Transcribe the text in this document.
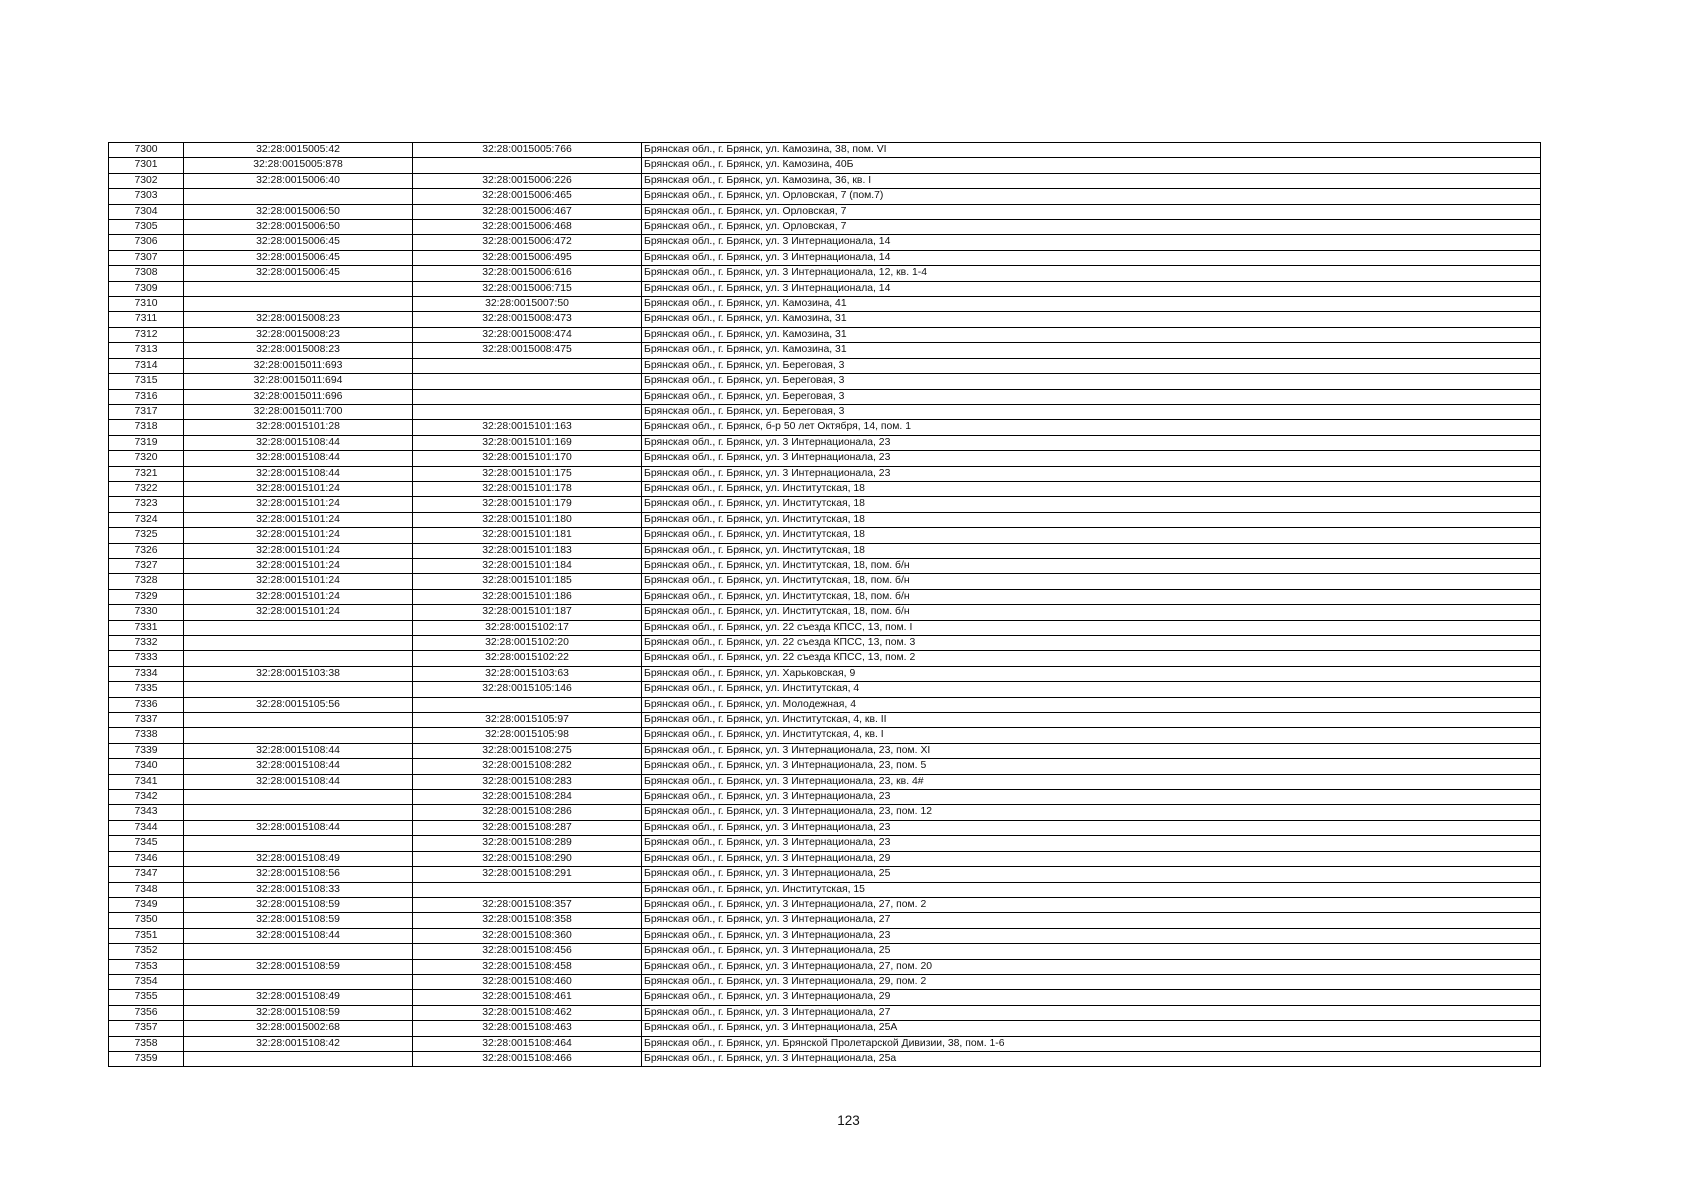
7300	32:28:0015005:42	32:28:0015005:766	Брянская обл., г. Брянск, ул. Камозина, 38, пом. VI
7301	32:28:0015005:878		Брянская обл., г. Брянск, ул. Камозина, 40Б
7302	32:28:0015006:40	32:28:0015006:226	Брянская обл., г. Брянск, ул. Камозина, 36, кв. I
7303		32:28:0015006:465	Брянская обл., г. Брянск, ул. Орловская, 7 (пом.7)
7304	32:28:0015006:50	32:28:0015006:467	Брянская обл., г. Брянск, ул. Орловская, 7
7305	32:28:0015006:50	32:28:0015006:468	Брянская обл., г. Брянск, ул. Орловская, 7
7306	32:28:0015006:45	32:28:0015006:472	Брянская обл., г. Брянск, ул. 3 Интернационала, 14
7307	32:28:0015006:45	32:28:0015006:495	Брянская обл., г. Брянск, ул. 3 Интернационала, 14
7308	32:28:0015006:45	32:28:0015006:616	Брянская обл., г. Брянск, ул. 3 Интернационала, 12, кв. 1-4
7309		32:28:0015006:715	Брянская обл., г. Брянск, ул. 3 Интернационала, 14
7310		32:28:0015007:50	Брянская обл., г. Брянск, ул. Камозина, 41
7311	32:28:0015008:23	32:28:0015008:473	Брянская обл., г. Брянск, ул. Камозина, 31
7312	32:28:0015008:23	32:28:0015008:474	Брянская обл., г. Брянск, ул. Камозина, 31
7313	32:28:0015008:23	32:28:0015008:475	Брянская обл., г. Брянск, ул. Камозина, 31
7314	32:28:0015011:693		Брянская обл., г. Брянск, ул. Береговая, 3
7315	32:28:0015011:694		Брянская обл., г. Брянск, ул. Береговая, 3
7316	32:28:0015011:696		Брянская обл., г. Брянск, ул. Береговая, 3
7317	32:28:0015011:700		Брянская обл., г. Брянск, ул. Береговая, 3
7318	32:28:0015101:28	32:28:0015101:163	Брянская обл., г. Брянск, б-р 50 лет Октября, 14, пом. 1
7319	32:28:0015108:44	32:28:0015101:169	Брянская обл., г. Брянск, ул. 3 Интернационала, 23
7320	32:28:0015108:44	32:28:0015101:170	Брянская обл., г. Брянск, ул. 3 Интернационала, 23
7321	32:28:0015108:44	32:28:0015101:175	Брянская обл., г. Брянск, ул. 3 Интернационала, 23
7322	32:28:0015101:24	32:28:0015101:178	Брянская обл., г. Брянск, ул. Институтская, 18
7323	32:28:0015101:24	32:28:0015101:179	Брянская обл., г. Брянск, ул. Институтская, 18
7324	32:28:0015101:24	32:28:0015101:180	Брянская обл., г. Брянск, ул. Институтская, 18
7325	32:28:0015101:24	32:28:0015101:181	Брянская обл., г. Брянск, ул. Институтская, 18
7326	32:28:0015101:24	32:28:0015101:183	Брянская обл., г. Брянск, ул. Институтская, 18
7327	32:28:0015101:24	32:28:0015101:184	Брянская обл., г. Брянск, ул. Институтская, 18, пом. б/н
7328	32:28:0015101:24	32:28:0015101:185	Брянская обл., г. Брянск, ул. Институтская, 18, пом. б/н
7329	32:28:0015101:24	32:28:0015101:186	Брянская обл., г. Брянск, ул. Институтская, 18, пом. б/н
7330	32:28:0015101:24	32:28:0015101:187	Брянская обл., г. Брянск, ул. Институтская, 18, пом. б/н
7331		32:28:0015102:17	Брянская обл., г. Брянск, ул. 22 съезда КПСС, 13, пом. I
7332		32:28:0015102:20	Брянская обл., г. Брянск, ул. 22 съезда КПСС, 13, пом. 3
7333		32:28:0015102:22	Брянская обл., г. Брянск, ул. 22 съезда КПСС, 13, пом. 2
7334	32:28:0015103:38	32:28:0015103:63	Брянская обл., г. Брянск, ул. Харьковская, 9
7335		32:28:0015105:146	Брянская обл., г. Брянск, ул. Институтская, 4
7336	32:28:0015105:56		Брянская обл., г. Брянск, ул. Молодежная, 4
7337		32:28:0015105:97	Брянская обл., г. Брянск, ул. Институтская, 4, кв. II
7338		32:28:0015105:98	Брянская обл., г. Брянск, ул. Институтская, 4, кв. I
7339	32:28:0015108:44	32:28:0015108:275	Брянская обл., г. Брянск, ул. 3 Интернационала, 23, пом. XI
7340	32:28:0015108:44	32:28:0015108:282	Брянская обл., г. Брянск, ул. 3 Интернационала, 23, пом. 5
7341	32:28:0015108:44	32:28:0015108:283	Брянская обл., г. Брянск, ул. 3 Интернационала, 23, кв. 4#
7342		32:28:0015108:284	Брянская обл., г. Брянск, ул. 3 Интернационала, 23
7343		32:28:0015108:286	Брянская обл., г. Брянск, ул. 3 Интернационала, 23, пом. 12
7344	32:28:0015108:44	32:28:0015108:287	Брянская обл., г. Брянск, ул. 3 Интернационала, 23
7345		32:28:0015108:289	Брянская обл., г. Брянск, ул. 3 Интернационала, 23
7346	32:28:0015108:49	32:28:0015108:290	Брянская обл., г. Брянск, ул. 3 Интернационала, 29
7347	32:28:0015108:56	32:28:0015108:291	Брянская обл., г. Брянск, ул. 3 Интернационала, 25
7348	32:28:0015108:33		Брянская обл., г. Брянск, ул. Институтская, 15
7349	32:28:0015108:59	32:28:0015108:357	Брянская обл., г. Брянск, ул. 3 Интернационала, 27, пом. 2
7350	32:28:0015108:59	32:28:0015108:358	Брянская обл., г. Брянск, ул. 3 Интернационала, 27
7351	32:28:0015108:44	32:28:0015108:360	Брянская обл., г. Брянск, ул. 3 Интернационала, 23
7352		32:28:0015108:456	Брянская обл., г. Брянск, ул. 3 Интернационала, 25
7353	32:28:0015108:59	32:28:0015108:458	Брянская обл., г. Брянск, ул. 3 Интернационала, 27, пом. 20
7354		32:28:0015108:460	Брянская обл., г. Брянск, ул. 3 Интернационала, 29, пом. 2
7355	32:28:0015108:49	32:28:0015108:461	Брянская обл., г. Брянск, ул. 3 Интернационала, 29
7356	32:28:0015108:59	32:28:0015108:462	Брянская обл., г. Брянск, ул. 3 Интернационала, 27
7357	32:28:0015002:68	32:28:0015108:463	Брянская обл., г. Брянск, ул. 3 Интернационала, 25А
7358	32:28:0015108:42	32:28:0015108:464	Брянская обл., г. Брянск, ул. Брянской Пролетарской Дивизии, 38, пом. 1-6
7359		32:28:0015108:466	Брянская обл., г. Брянск, ул. 3 Интернационала, 25а
123
